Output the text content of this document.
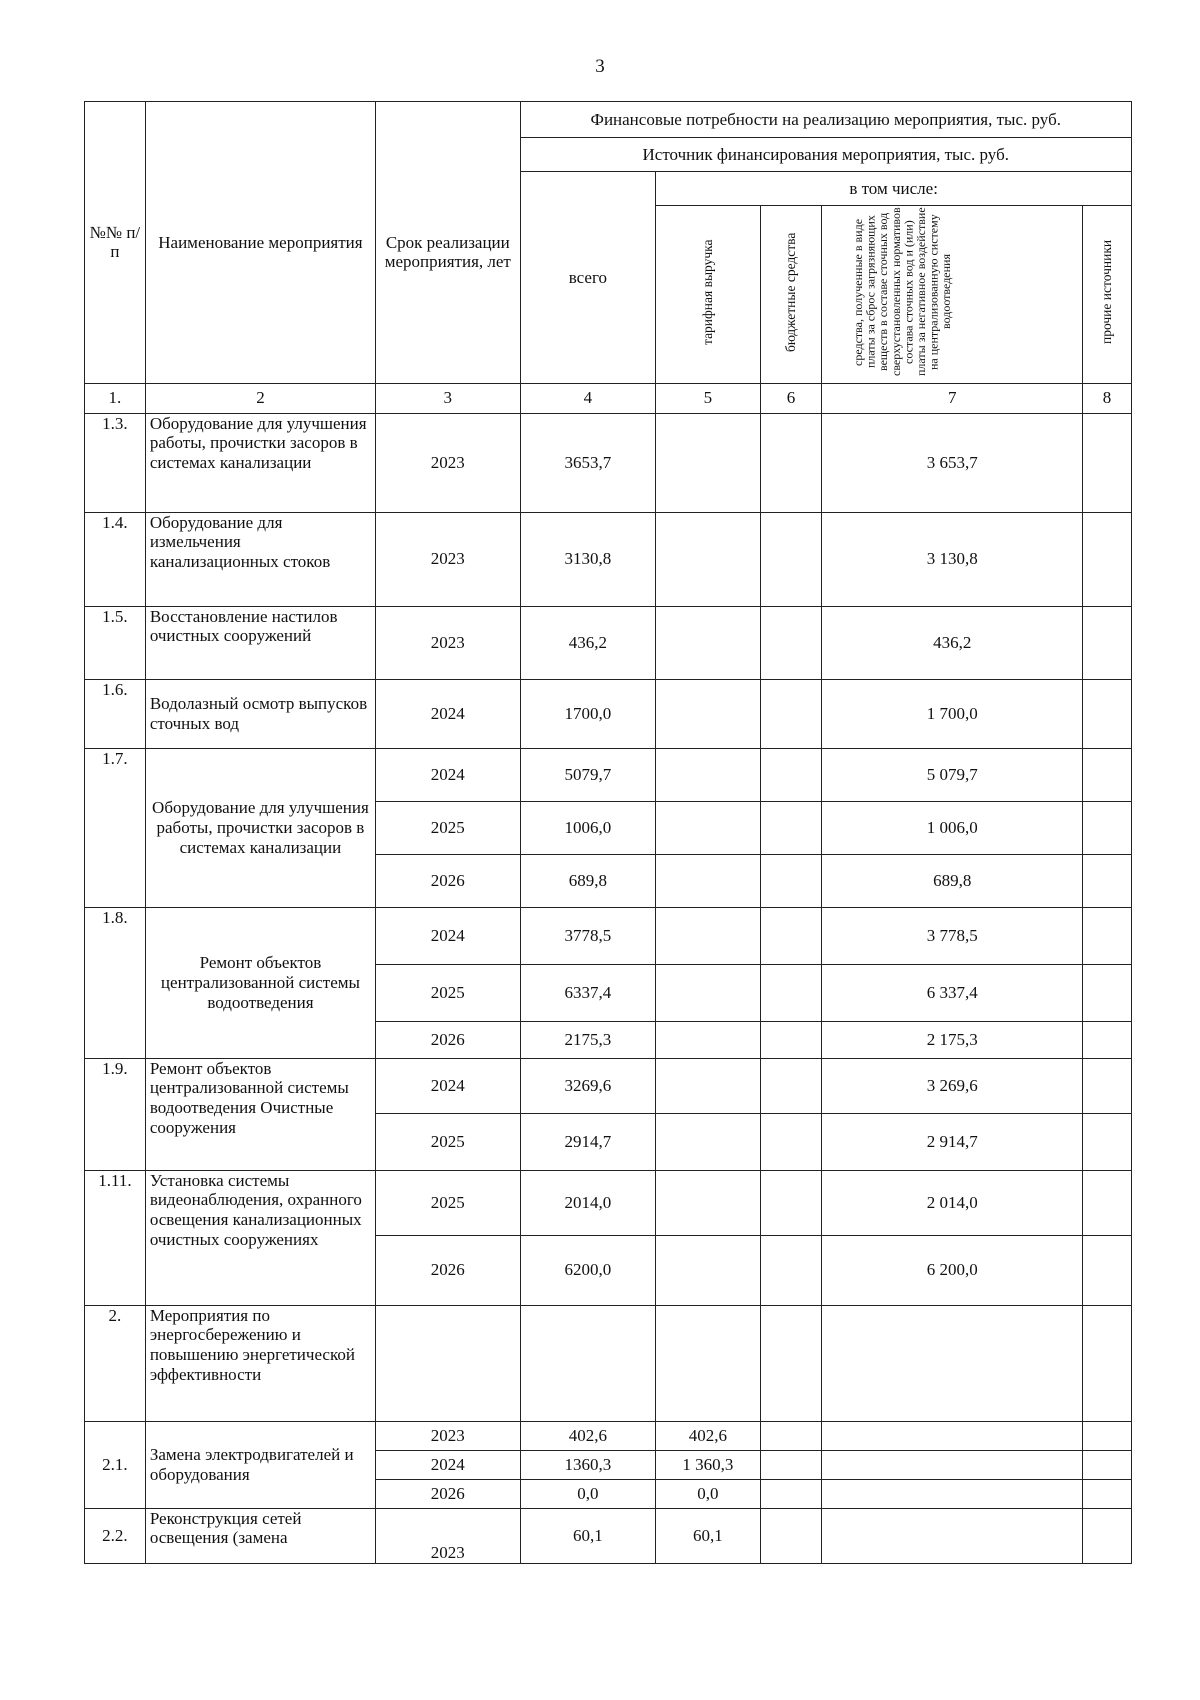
3
№№ п/п	Наименование мероприятия	Срок реализации мероприятия, лет	Финансовые потребности на реализацию мероприятия, тыс. руб.				
			Источник финансирования мероприятия, тыс. руб.				
			всего	в том числе:			
				тарифная выручка	бюджетные средства	средства, полученные в виде платы за сброс загрязняющих веществ в составе сточных вод сверхустановленных нормативов состава сточных вод и (или) платы за негативное воздействие на централизованную систему водоотведения	прочие источники
1.	2	3	4	5	6	7	8
1.3.	Оборудование для улучшения работы, прочистки засоров в системах канализации	2023	3653,7			3 653,7	
1.4.	Оборудование для измельчения канализационных стоков	2023	3130,8			3 130,8	
1.5.	Восстановление настилов очистных сооружений	2023	436,2			436,2	
1.6.	Водолазный осмотр выпусков сточных вод	2024	1700,0			1 700,0	
1.7.	Оборудование для улучшения работы, прочистки засоров в системах канализации	2024	5079,7			5 079,7	
		2025	1006,0			1 006,0	
		2026	689,8			689,8	
1.8.	Ремонт объектов централизованной системы водоотведения	2024	3778,5			3 778,5	
		2025	6337,4			6 337,4	
		2026	2175,3			2 175,3	
1.9.	Ремонт объектов централизованной системы водоотведения Очистные сооружения	2024	3269,6			3 269,6	
		2025	2914,7			2 914,7	
1.11.	Установка системы видеонаблюдения, охранного освещения канализационных очистных сооружениях	2025	2014,0			2 014,0	
		2026	6200,0			6 200,0	
2.	Мероприятия по энергосбережению и повышению энергетической эффективности						
2.1.	Замена электродвигателей и оборудования	2023	402,6	402,6			
		2024	1360,3	1 360,3			
		2026	0,0	0,0			
2.2.	Реконструкция сетей освещения (замена	2023	60,1	60,1			
